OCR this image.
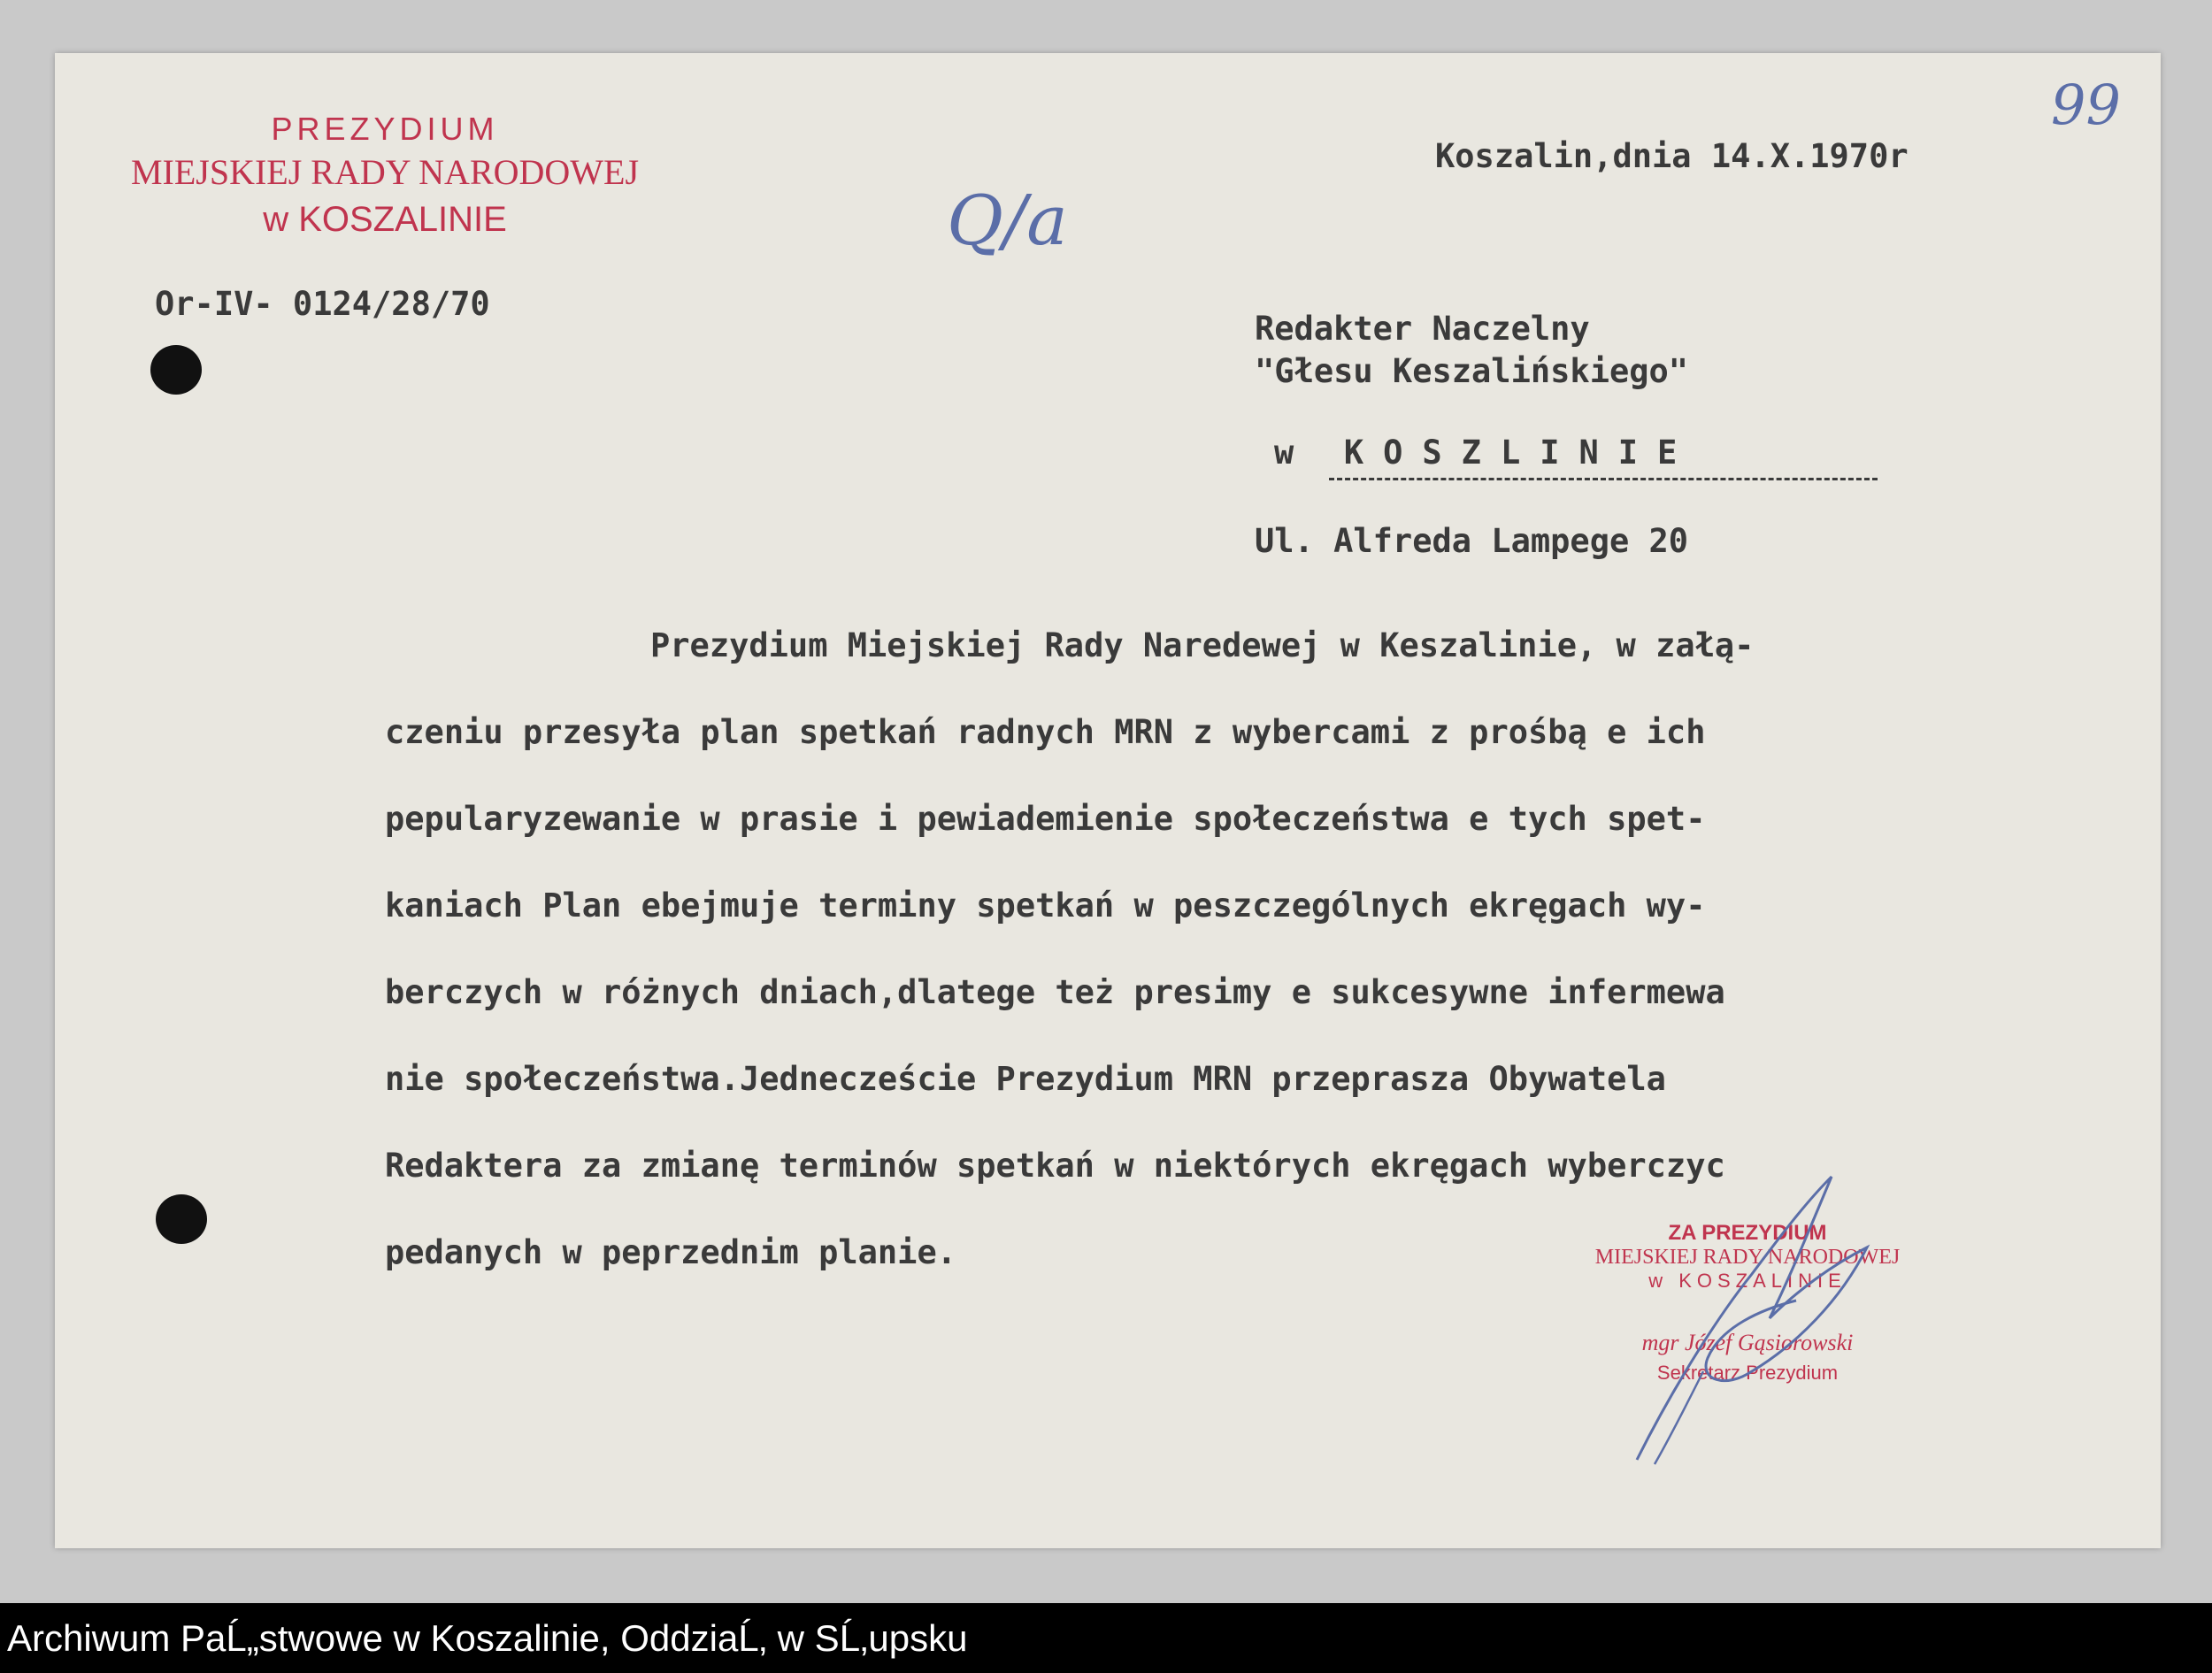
PREZYDIUM
MIEJSKIEJ RADY NARODOWEJ
w KOSZALINIE	Q/a
99
Or-IV- 0124/28/70
Koszalin,dnia 14.X.1970r
Redakter Naczelny
"Głesu Keszalińskiego"
w KOSZLINIE
Ul. Alfreda Lampege 20
Prezydium Miejskiej Rady Naredewej w Keszalinie, w załą-
czeniu przesyła plan spetkań radnych MRN z wybercami z prośbą e ich
pepularyzewanie w prasie i pewiademienie społeczeństwa e tych spet-
kaniach Plan ebejmuje terminy spetkań w peszczególnych ekręgach wy-
berczych w różnych dniach,dlatege też presimy e sukcesywne infermewa
nie społeczeństwa.Jedneczeście Prezydium MRN przeprasza Obywatela
Redaktera za zmianę terminów spetkań w niektórych ekręgach wyberczyc
pedanych w peprzednim planie.
ZA PREZYDIUM
MIEJSKIEJ RADY NARODOWEJ
w KOSZALINIE
mgr Józef Gąsiorowski
Sekretarz Prezydium
Archiwum PaĹ„stwowe w Koszalinie, OddziaĹ‚ w SĹ‚upsku
